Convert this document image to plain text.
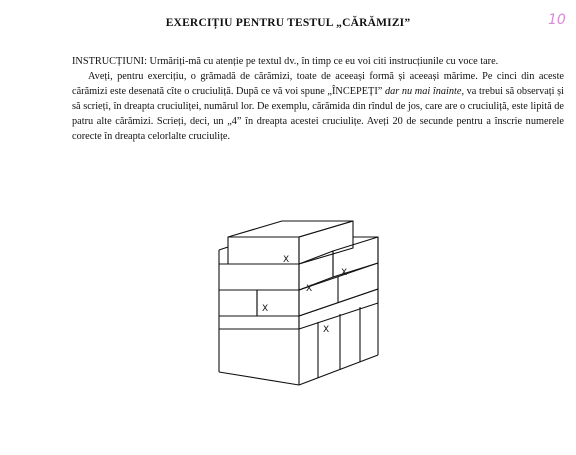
EXERCIȚIU PENTRU TESTUL „CĂRĂMIZI”	10

INSTRUCȚIUNI: Urmăriți-mă cu atenție pe textul dv., în timp ce eu voi citi instrucțiunile cu voce tare.

Aveți, pentru exercițiu, o grămadă de cărămizi, toate de aceeași formă și aceeași mărime. Pe cinci din aceste cărămizi este desenată cîte o cruciuliță. După ce vă voi spune „ÎNCEPEȚI” dar nu mai înainte, va trebui să observați și să scrieți, în dreapta cruciuliței, numărul lor. De exemplu, cărămida din rîndul de jos, care are o cruciuliță, este lipită de patru alte cărămizi. Scrieți, deci, un „4” în dreapta acestei cruciulițe. Aveți 20 de secunde pentru a înscrie numerele corecte în dreapta celorlalte cruciulițe.

X
X
X
X
X
